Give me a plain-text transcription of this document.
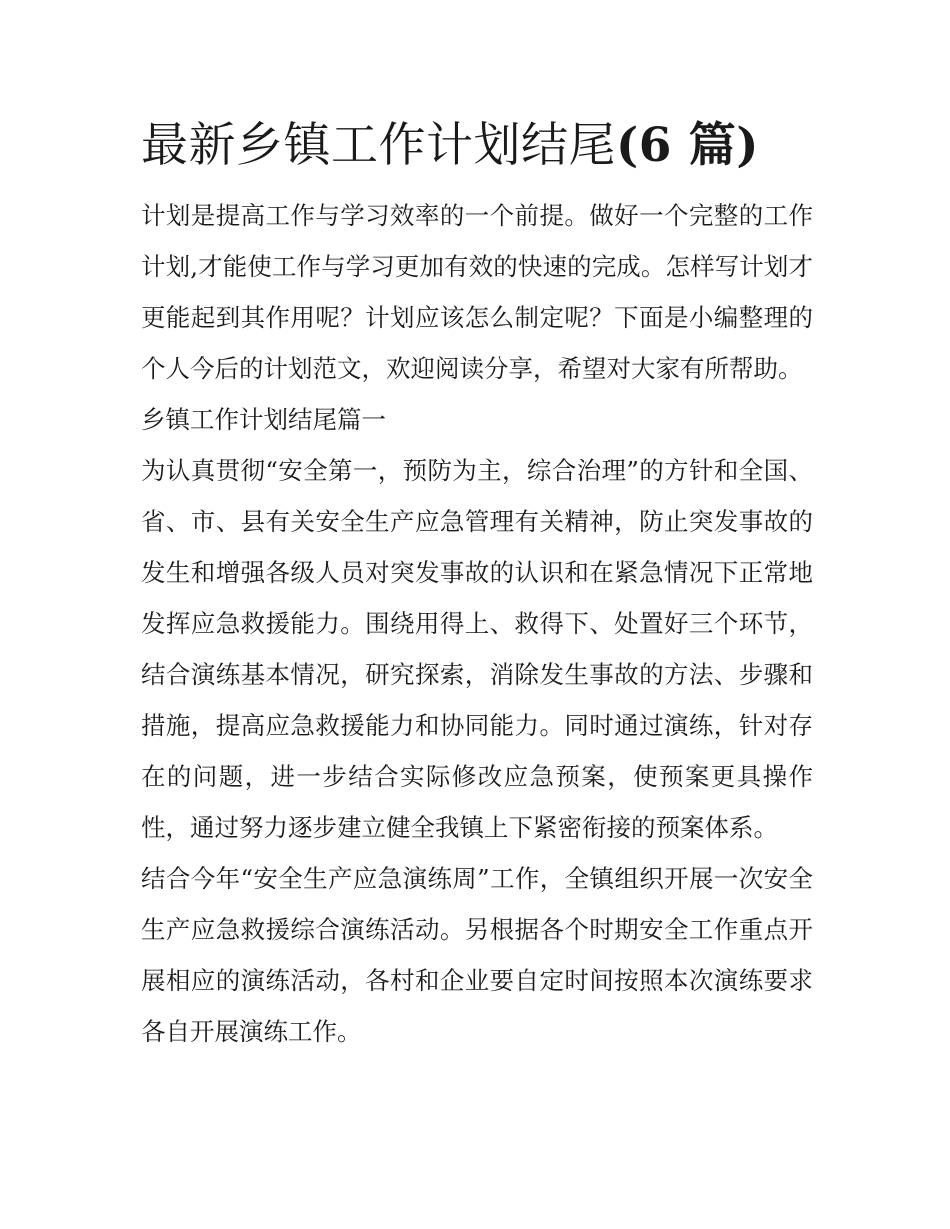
最新乡镇工作计划结尾(6 篇)

计划是提高工作与学习效率的一个前提。做好一个完整的工作计划,才能使工作与学习更加有效的快速的完成。怎样写计划才更能起到其作用呢？计划应该怎么制定呢？下面是小编整理的个人今后的计划范文，欢迎阅读分享，希望对大家有所帮助。

乡镇工作计划结尾篇一

为认真贯彻“安全第一，预防为主，综合治理”的方针和全国、省、市、县有关安全生产应急管理有关精神，防止突发事故的发生和增强各级人员对突发事故的认识和在紧急情况下正常地发挥应急救援能力。围绕用得上、救得下、处置好三个环节，结合演练基本情况，研究探索，消除发生事故的方法、步骤和措施，提高应急救援能力和协同能力。同时通过演练，针对存在的问题，进一步结合实际修改应急预案，使预案更具操作性，通过努力逐步建立健全我镇上下紧密衔接的预案体系。

结合今年“安全生产应急演练周”工作，全镇组织开展一次安全生产应急救援综合演练活动。另根据各个时期安全工作重点开展相应的演练活动，各村和企业要自定时间按照本次演练要求各自开展演练工作。
